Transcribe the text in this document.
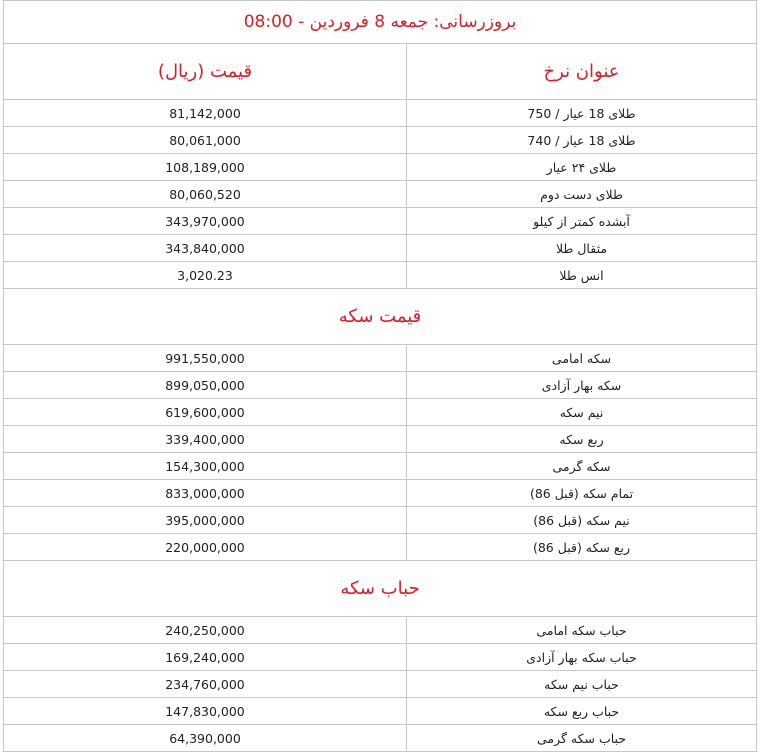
بروزرسانی: جمعه 8 فروردین - 08:00	
قیمت (ریال)	عنوان نرخ
81,142,000	طلای 18 عیار / 750
80,061,000	طلای 18 عیار / 740
108,189,000	طلای ۲۴ عیار
80,060,520	طلای دست دوم
343,970,000	آبشده کمتر از کیلو
343,840,000	مثقال طلا
3,020.23	انس طلا
قیمت سکه	
991,550,000	سکه امامی
899,050,000	سکه بهار آزادی
619,600,000	نیم سکه
339,400,000	ربع سکه
154,300,000	سکه گرمی
833,000,000	تمام سکه (قبل 86)
395,000,000	نیم سکه (قبل 86)
220,000,000	ربع سکه (قبل 86)
حباب سکه	
240,250,000	حباب سکه امامی
169,240,000	حباب سکه بهار آزادی
234,760,000	حباب نیم سکه
147,830,000	حباب ربع سکه
64,390,000	حباب سکه گرمی
